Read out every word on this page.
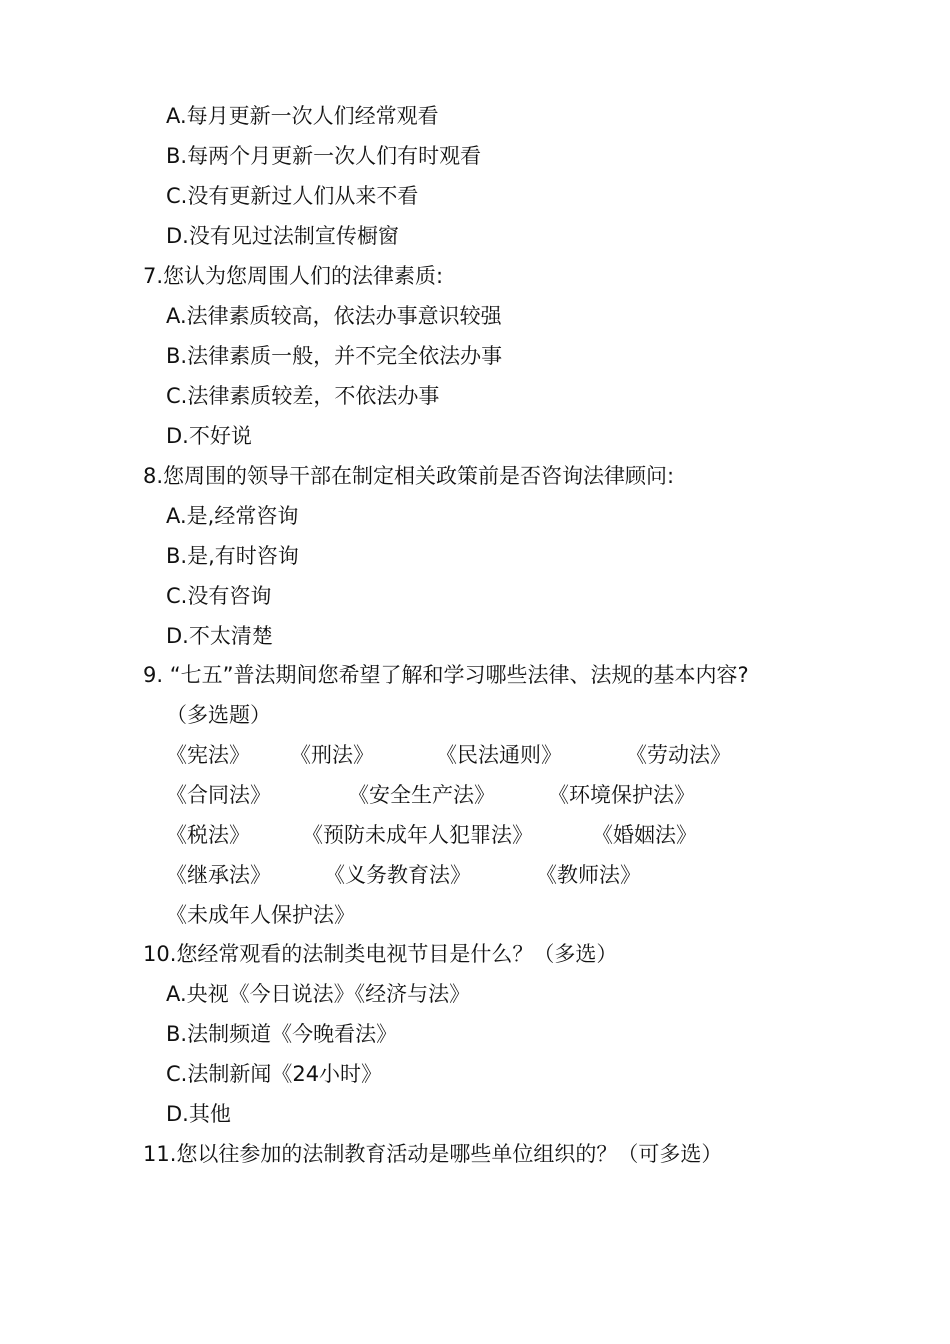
A.每月更新一次人们经常观看
B.每两个月更新一次人们有时观看
C.没有更新过人们从来不看
D.没有见过法制宣传橱窗
7.您认为您周围人们的法律素质:
A.法律素质较高，依法办事意识较强
B.法律素质一般，并不完全依法办事
C.法律素质较差，不依法办事
D.不好说
8.您周围的领导干部在制定相关政策前是否咨询法律顾问:
A.是,经常咨询
B.是,有时咨询
C.没有咨询
D.不太清楚
9. “七五”普法期间您希望了解和学习哪些法律、法规的基本内容?
（多选题）
《宪法》 《刑法》	《民法通则》	《劳动法》
《合同法》	《安全生产法》	《环境保护法》
《税法》 《预防未成年人犯罪法》	《婚姻法》
《继承法》	《义务教育法》	《教师法》
《未成年人保护法》
10.您经常观看的法制类电视节目是什么？（多选）
A.央视《今日说法》《经济与法》
B.法制频道《今晚看法》
C.法制新闻《24小时》
D.其他
11.您以往参加的法制教育活动是哪些单位组织的？（可多选）
